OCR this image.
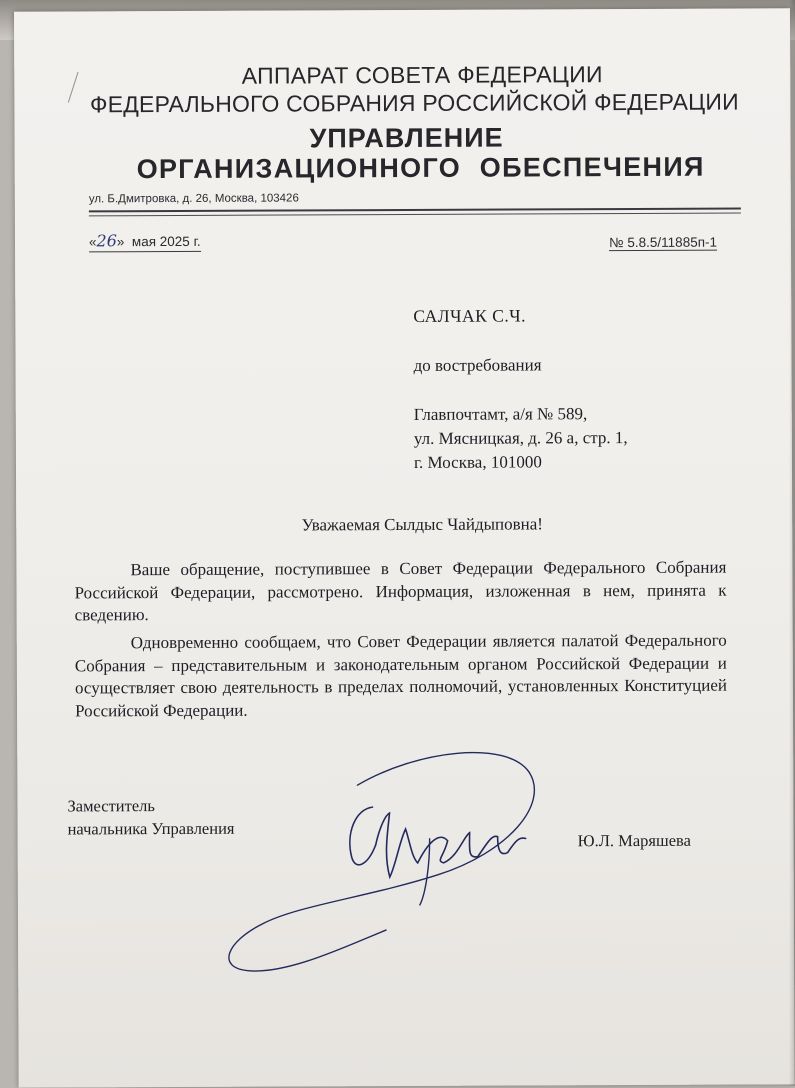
АППАРАТ СОВЕТА ФЕДЕРАЦИИ
ФЕДЕРАЛЬНОГО СОБРАНИЯ РОССИЙСКОЙ ФЕДЕРАЦИИ
УПРАВЛЕНИЕ
ОРГАНИЗАЦИОННОГО ОБЕСПЕЧЕНИЯ
ул. Б.Дмитровка, д. 26, Москва, 103426
«26» мая 2025 г.	№ 5.8.5/11885п-1
САЛЧАК С.Ч.
до востребования
Главпочтамт, а/я № 589,
ул. Мясницкая, д. 26 а, стр. 1,
г. Москва, 101000
Уважаемая Сылдыс Чайдыповна!
Ваше обращение, поступившее в Совет Федерации Федерального Собрания Российской Федерации, рассмотрено. Информация, изложенная в нем, принята к сведению.
Одновременно сообщаем, что Совет Федерации является палатой Федерального Собрания – представительным и законодательным органом Российской Федерации и осуществляет свою деятельность в пределах полномочий, установленных Конституцией Российской Федерации.
Заместитель
начальника Управления
Ю.Л. Маряшева
